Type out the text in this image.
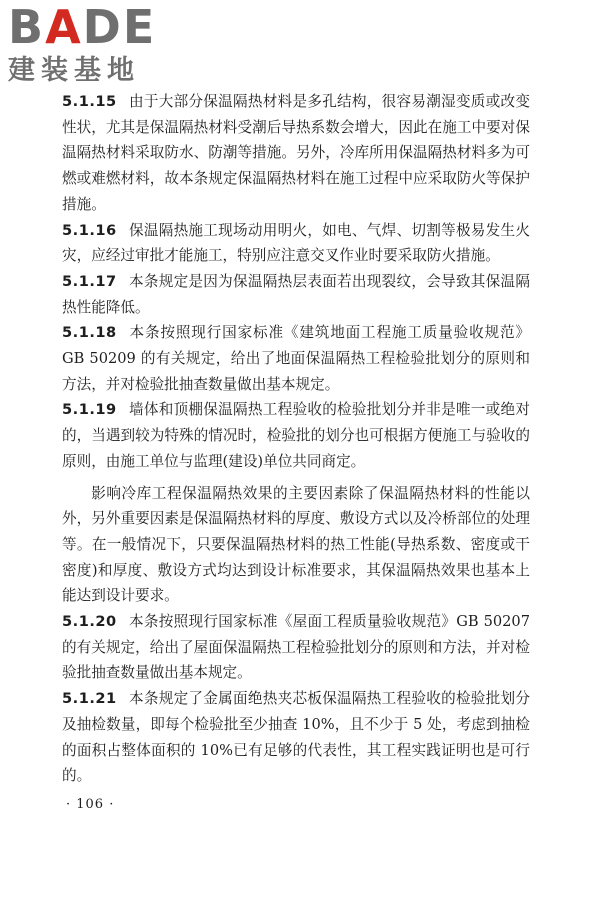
BADE
建装基地

5.1.15 由于大部分保温隔热材料是多孔结构，很容易潮湿变质或改变性状，尤其是保温隔热材料受潮后导热系数会增大，因此在施工中要对保温隔热材料采取防水、防潮等措施。另外，冷库所用保温隔热材料多为可燃或难燃材料，故本条规定保温隔热材料在施工过程中应采取防火等保护措施。

5.1.16 保温隔热施工现场动用明火，如电、气焊、切割等极易发生火灾，应经过审批才能施工，特别应注意交叉作业时要采取防火措施。

5.1.17 本条规定是因为保温隔热层表面若出现裂纹，会导致其保温隔热性能降低。

5.1.18 本条按照现行国家标准《建筑地面工程施工质量验收规范》GB 50209 的有关规定，给出了地面保温隔热工程检验批划分的原则和方法，并对检验批抽查数量做出基本规定。

5.1.19 墙体和顶棚保温隔热工程验收的检验批划分并非是唯一或绝对的，当遇到较为特殊的情况时，检验批的划分也可根据方便施工与验收的原则，由施工单位与监理(建设)单位共同商定。

影响冷库工程保温隔热效果的主要因素除了保温隔热材料的性能以外，另外重要因素是保温隔热材料的厚度、敷设方式以及冷桥部位的处理等。在一般情况下，只要保温隔热材料的热工性能(导热系数、密度或干密度)和厚度、敷设方式均达到设计标准要求，其保温隔热效果也基本上能达到设计要求。

5.1.20 本条按照现行国家标准《屋面工程质量验收规范》GB 50207 的有关规定，给出了屋面保温隔热工程检验批划分的原则和方法，并对检验批抽查数量做出基本规定。

5.1.21 本条规定了金属面绝热夹芯板保温隔热工程验收的检验批划分及抽检数量，即每个检验批至少抽查 10%，且不少于 5 处，考虑到抽检的面积占整体面积的 10%已有足够的代表性，其工程实践证明也是可行的。

· 106 ·
